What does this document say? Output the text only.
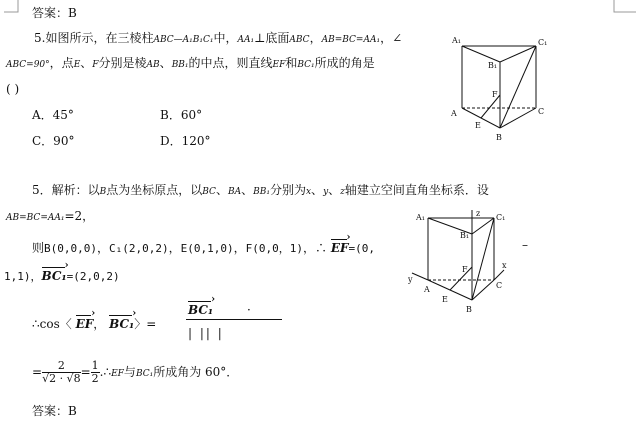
答案：B
5.如图所示，在三棱柱ABC—A₁B₁C₁中，AA₁⊥底面ABC，AB=BC=AA₁，∠
ABC=90°，点E、F分别是棱AB、BB₁的中点，则直线EF和BC₁所成的角是
( )
A．45°	B．60°
C．90°	D．120°
A₁
B₁
C₁
A	C
B
E
F
5．解析：以B点为坐标原点，以BC、BA、BB₁分别为x、y、z轴建立空间直角坐标系．设
AB=BC=AA₁=2，
则B(0,0,0)，C₁(2,0,2)，E(0,1,0)，F(0,0，1)，∴ EF ›=(0,	–
1,1)，BC₁ ›=(2,0,2)
∴cos〈 EF ›， BC₁ ›〉=
BC₁ ›	·
| || |
= $\frac{2}{√2 \cdot √8} = \frac{1}{2}$ .∴EF与BC₁所成角为 60°．
答案：B
A₁
B₁
C₁
z
y
x
A	C
B
E
F
